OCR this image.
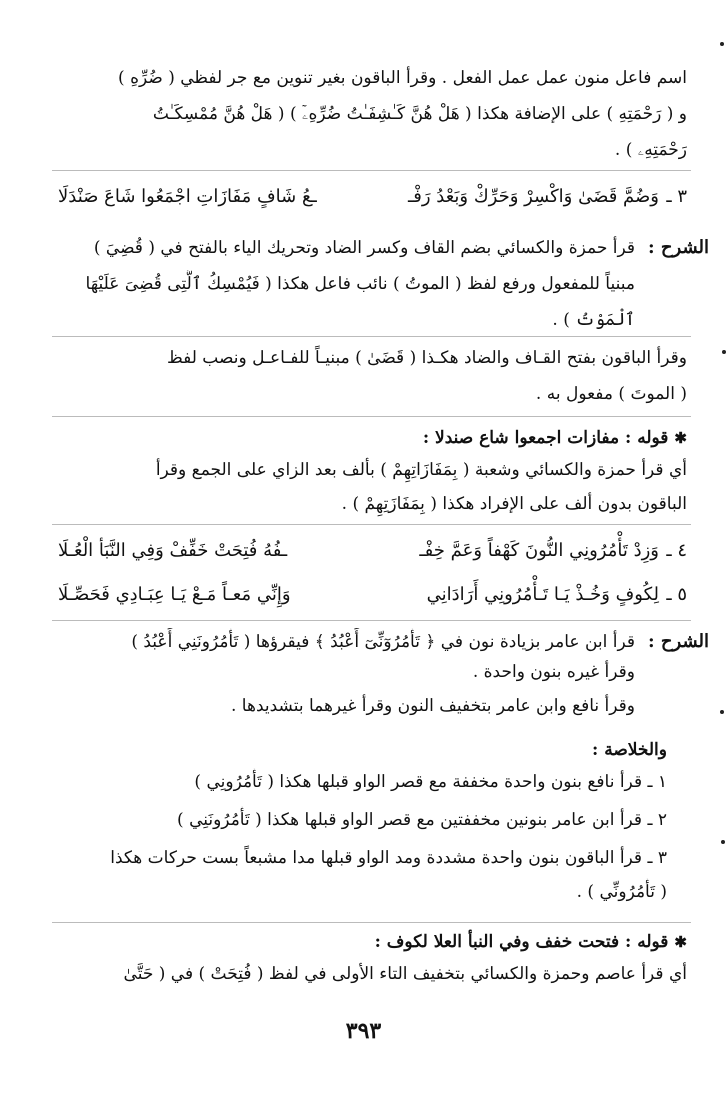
اسم فاعل منون عمل عمل الفعل . وقرأ الباقون بغير تنوين مع جر لفظي ( ضُرِّهِ )
و ( رَحْمَتِهِ ) على الإضافة هكذا ( هَلْ هُنَّ كَـٰشِفَـٰتُ ضُرِّهِۦٓ ) ( هَلْ هُنَّ مُمْسِكَـٰتُ
رَحْمَتِهِۦ ) .
٣ ـ
وَضُمَّ قَضَىٰ وَاكْسِرْ وَحَرِّكْ وَبَعْدُ رَفْـ
ـعُ شَافٍ مَفَازَاتِ اجْمَعُوا شَاعَ صَنْدَلَا
الشرح :
قرأ حمزة والكسائي بضم القاف وكسر الضاد وتحريك الياء بالفتح في ( قُضِيَ )
مبنياً للمفعول ورفع لفظ ( الموتُ ) نائب فاعل هكذا ( فَيُمْسِكُ ٱلَّتِى قُضِىَ عَلَيْهَا
ٱلْمَوْتُ ) .
وقرأ الباقون بفتح القـاف والضاد هكـذا ( قَضَىٰ ) مبنيـاً للفـاعـل ونصب لفظ
( الموتَ ) مفعول به .
✱قوله : مفازات اجمعوا شاع صندلا :
أي قرأ حمزة والكسائي وشعبة ( بِمَفَازَاتِهِمْ ) بألف بعد الزاي على الجمع وقرأ
الباقون بدون ألف على الإفراد هكذا ( بِمَفَازَتِهِمْ ) .
٤ ـ
وَزِدْ تَأْمُرُونِي النُّونَ كَهْفاً وَعَمَّ خِفْـ
ـفُهُ فُتِحَتْ خَفِّفْ وَفِي النَّبَأ الْعُـلَا
٥ ـ
لِكُوفٍ وَخُـذْ يَـا تَـأْمُرُونِي أَرَادَانِي
وَإِنِّي مَعـاً مَـعْ يَـا عِبَـادِي فَحَصِّـلَا
الشرح :
قرأ ابن عامر بزيادة نون في ﴿ تَأْمُرُوٓنِّىٓ أَعْبُدُ ﴾ فيقرؤها ( تَأْمُرُونَنِي أَعْبُدُ )
وقرأ غيره بنون واحدة .
وقرأ نافع وابن عامر بتخفيف النون وقرأ غيرهما بتشديدها .
والخلاصة :
١ ـ قرأ نافع بنون واحدة مخففة مع قصر الواو قبلها هكذا ( تَأْمُرُونِي )
٢ ـ قرأ ابن عامر بنونين مخففتين مع قصر الواو قبلها هكذا ( تَأْمُرُونَنِي )
٣ ـ قرأ الباقون بنون واحدة مشددة ومد الواو قبلها مدا مشبعاً بست حركات هكذا
( تَأْمُرُونِّي ) .
✱قوله : فتحت خفف وفي النبأ العلا لكوف :
أي قرأ عاصم وحمزة والكسائي بتخفيف التاء الأولى في لفظ ( فُتِحَتْ ) في ( حَتَّىٰ
٣٩٣
